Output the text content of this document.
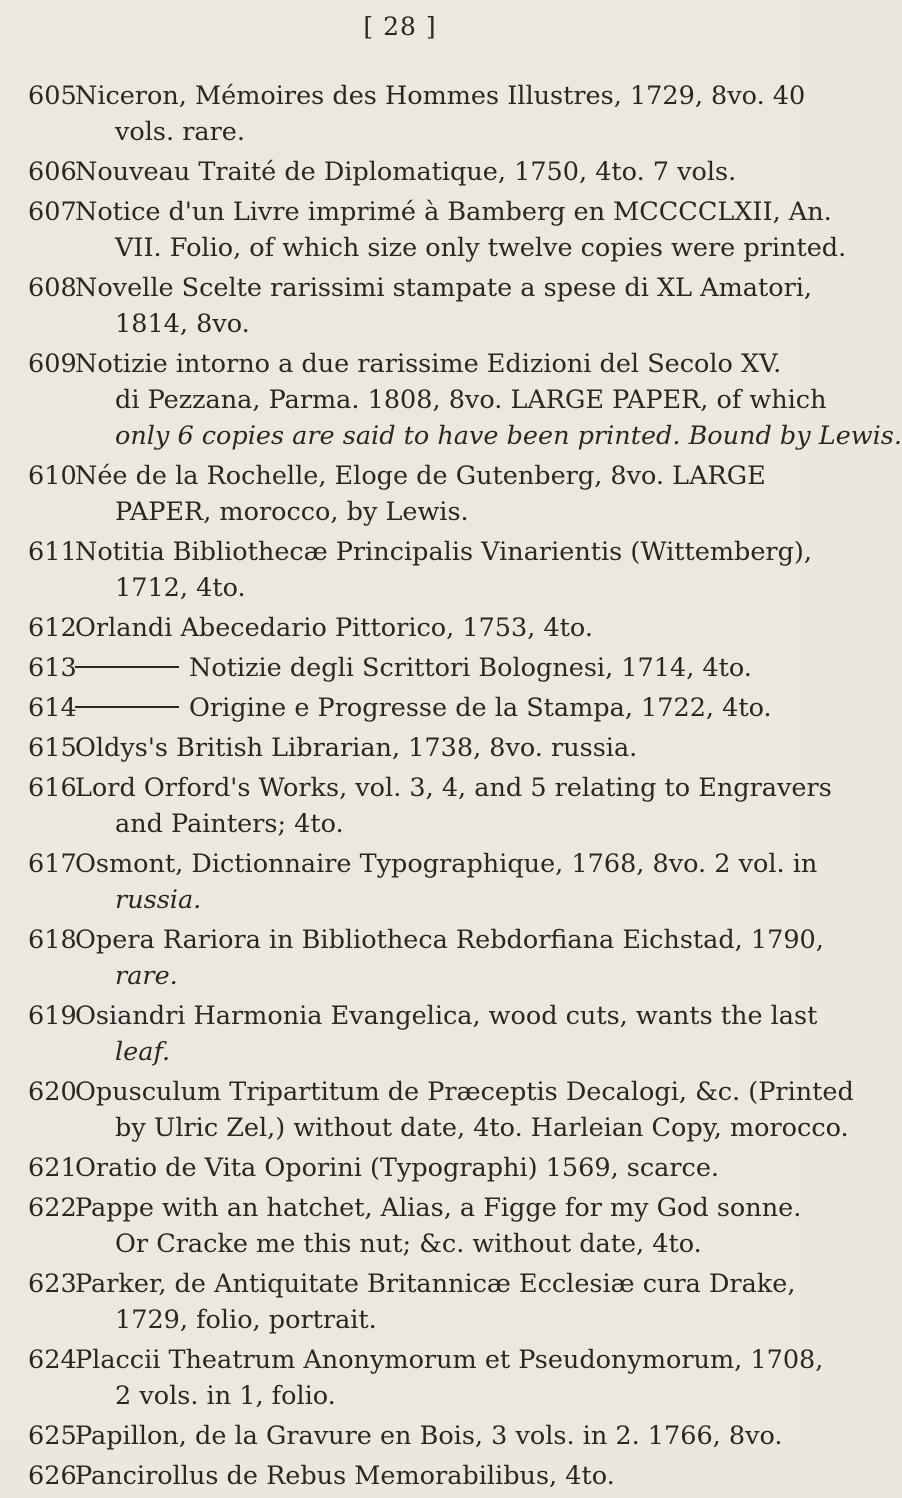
[ 28 ]
605
Niceron, Mémoires des Hommes Illustres, 1729, 8vo. 40
vols. rare.
606
Nouveau Traité de Diplomatique, 1750, 4to. 7 vols.
607
Notice d'un Livre imprimé à Bamberg en MCCCCLXII, An.
VII. Folio, of which size only twelve copies were printed.
608
Novelle Scelte rarissimi stampate a spese di XL Amatori,
1814, 8vo.
609
Notizie intorno a due rarissime Edizioni del Secolo XV.
di Pezzana, Parma. 1808, 8vo. LARGE PAPER, of which
only 6 copies are said to have been printed. Bound by Lewis.
610
Née de la Rochelle, Eloge de Gutenberg, 8vo. LARGE
PAPER, morocco, by Lewis.
611
Notitia Bibliothecæ Principalis Vinarientis (Wittemberg),
1712, 4to.
612
Orlandi Abecedario Pittorico, 1753, 4to.
613	Notizie degli Scrittori Bolognesi, 1714, 4to.
614	Origine e Progresse de la Stampa, 1722, 4to.
615
Oldys's British Librarian, 1738, 8vo. russia.
616
Lord Orford's Works, vol. 3, 4, and 5 relating to Engravers
and Painters; 4to.
617
Osmont, Dictionnaire Typographique, 1768, 8vo. 2 vol. in
russia.
618
Opera Rariora in Bibliotheca Rebdorfiana Eichstad, 1790,
rare.
619
Osiandri Harmonia Evangelica, wood cuts, wants the last
leaf.
620
Opusculum Tripartitum de Præceptis Decalogi, &c. (Printed
by Ulric Zel,) without date, 4to. Harleian Copy, morocco.
621
Oratio de Vita Oporini (Typographi) 1569, scarce.
622
Pappe with an hatchet, Alias, a Figge for my God sonne.
Or Cracke me this nut; &c. without date, 4to.
623
Parker, de Antiquitate Britannicæ Ecclesiæ cura Drake,
1729, folio, portrait.
624
Placcii Theatrum Anonymorum et Pseudonymorum, 1708,
2 vols. in 1, folio.
625
Papillon, de la Gravure en Bois, 3 vols. in 2. 1766, 8vo.
626
Pancirollus de Rebus Memorabilibus, 4to.
